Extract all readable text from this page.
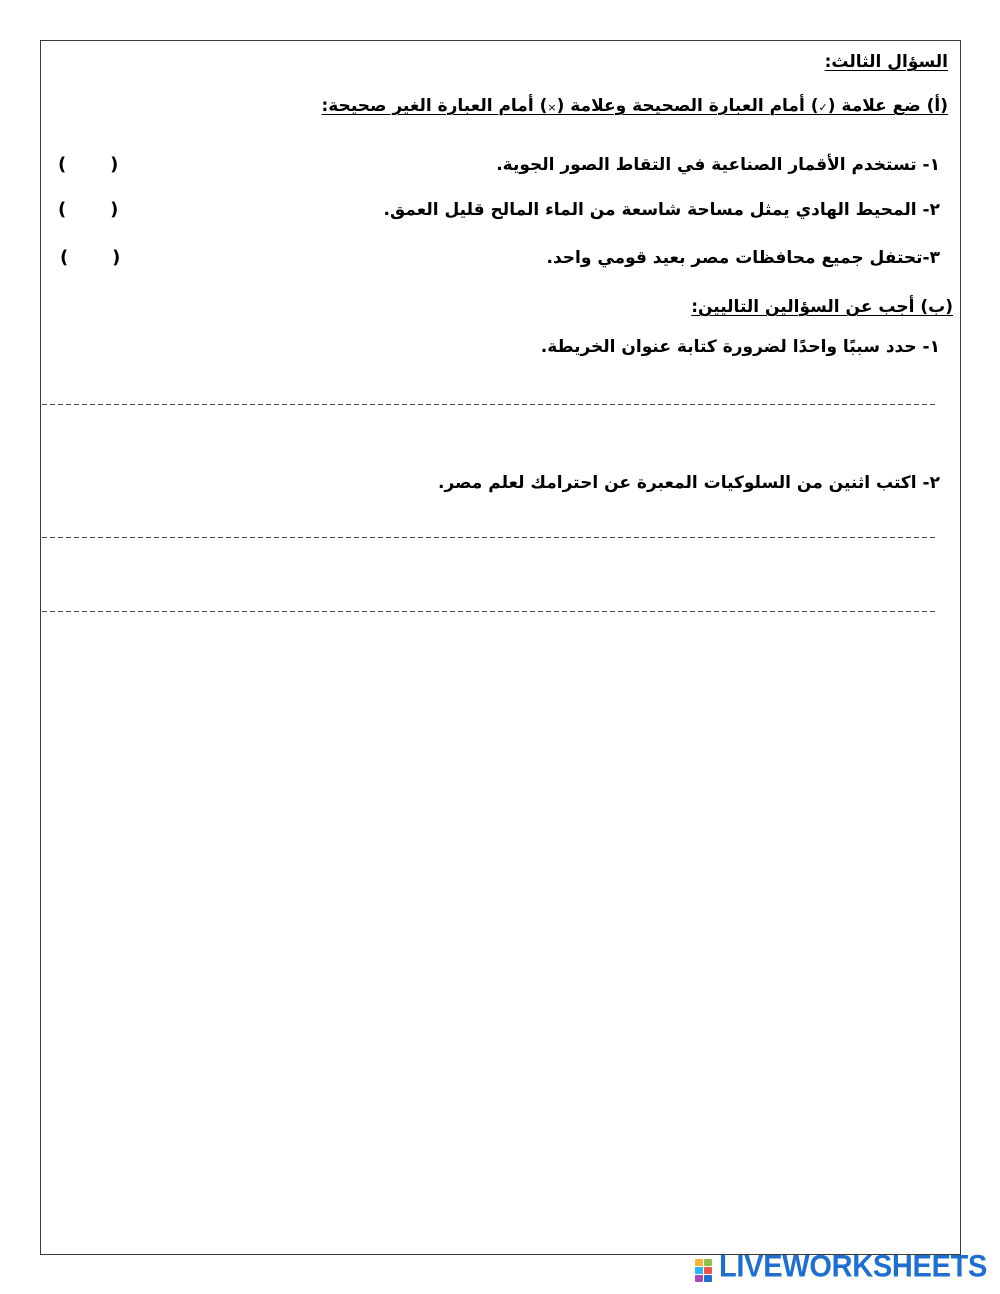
السؤال الثالث:
(أ) ضع علامة (✓) أمام العبارة الصحيحة وعلامة (×) أمام العبارة الغير صحيحة:
١- تستخدم الأقمار الصناعية في التقاط الصور الجوية.
(       )
٢- المحيط الهادي يمثل مساحة شاسعة من الماء المالح قليل العمق.
(       )
٣-تحتفل جميع محافظات مصر بعيد قومي واحد.
(       )
(ب) أجب عن السؤالين التاليين:
١- حدد سببًا واحدًا لضرورة كتابة عنوان الخريطة.
٢- اكتب اثنين من السلوكيات المعبرة عن احترامك لعلم مصر.
LIVEWORKSHEETS
